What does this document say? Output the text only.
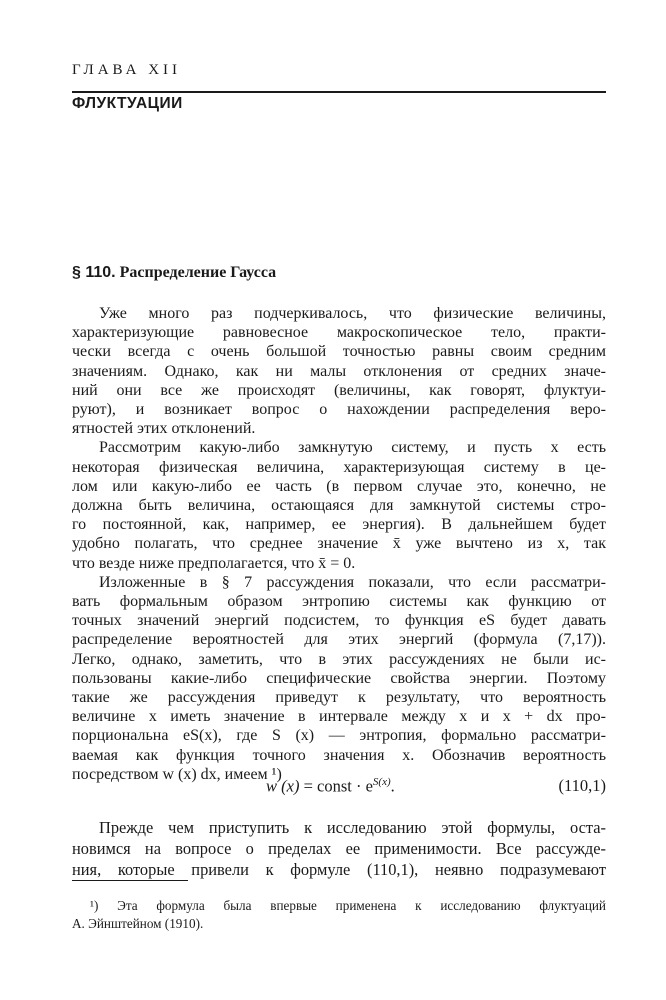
ГЛАВА XII
ФЛУКТУАЦИИ
§ 110. Распределение Гаусса
Уже много раз подчеркивалось, что физические величины,
характеризующие равновесное макроскопическое тело, практи-
чески всегда с очень большой точностью равны своим средним
значениям. Однако, как ни малы отклонения от средних значе-
ний они все же происходят (величины, как говорят, флуктуи-
руют), и возникает вопрос о нахождении распределения веро-
ятностей этих отклонений.
Рассмотрим какую-либо замкнутую систему, и пусть x есть
некоторая физическая величина, характеризующая систему в це-
лом или какую-либо ее часть (в первом случае это, конечно, не
должна быть величина, остающаяся для замкнутой системы стро-
го постоянной, как, например, ее энергия). В дальнейшем будет
удобно полагать, что среднее значение x̄ уже вычтено из x, так
что везде ниже предполагается, что x̄ = 0.
Изложенные в § 7 рассуждения показали, что если рассматри-
вать формальным образом энтропию системы как функцию от
точных значений энергий подсистем, то функция eS будет давать
распределение вероятностей для этих энергий (формула (7,17)).
Легко, однако, заметить, что в этих рассуждениях не были ис-
пользованы какие-либо специфические свойства энергии. Поэтому
такие же рассуждения приведут к результату, что вероятность
величине x иметь значение в интервале между x и x + dx про-
w (x) = const · $e^{S(x)}$.	(110,1)
Прежде чем приступить к исследованию этой формулы, оста-
новимся на вопросе о пределах ее применимости. Все рассужде-
ния, которые привели к формуле (110,1), неявно подразумевают
¹) Эта формула была впервые применена к исследованию флуктуаций
А. Эйнштейном (1910).
порциональна eS(x), где S (x) — энтропия, формально рассматри-
ваемая как функция точного значения x. Обозначив вероятность
посредством w (x) dx, имеем ¹)
